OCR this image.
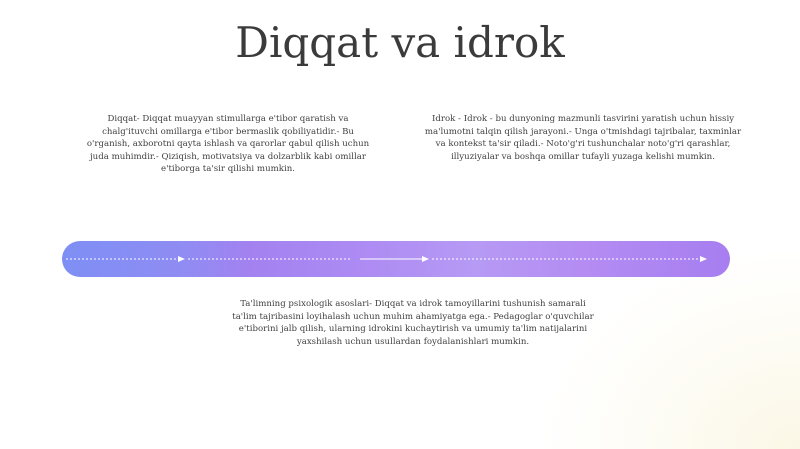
Diqqat va idrok
Diqqat- Diqqat muayyan stimullarga e'tibor qaratish va chalg'ituvchi omillarga e'tibor bermaslik qobiliyatidir.- Bu o'rganish, axborotni qayta ishlash va qarorlar qabul qilish uchun juda muhimdir.- Qiziqish, motivatsiya va dolzarblik kabi omillar e'tiborga ta'sir qilishi mumkin.
Idrok - Idrok - bu dunyoning mazmunli tasvirini yaratish uchun hissiy ma'lumotni talqin qilish jarayoni.- Unga o'tmishdagi tajribalar, taxminlar va kontekst ta'sir qiladi.- Noto'g'ri tushunchalar noto'g'ri qarashlar, illyuziyalar va boshqa omillar tufayli yuzaga kelishi mumkin.
Ta'limning psixologik asoslari- Diqqat va idrok tamoyillarini tushunish samarali ta'lim tajribasini loyihalash uchun muhim ahamiyatga ega.- Pedagoglar o'quvchilar e'tiborini jalb qilish, ularning idrokini kuchaytirish va umumiy ta'lim natijalarini yaxshilash uchun usullardan foydalanishlari mumkin.
